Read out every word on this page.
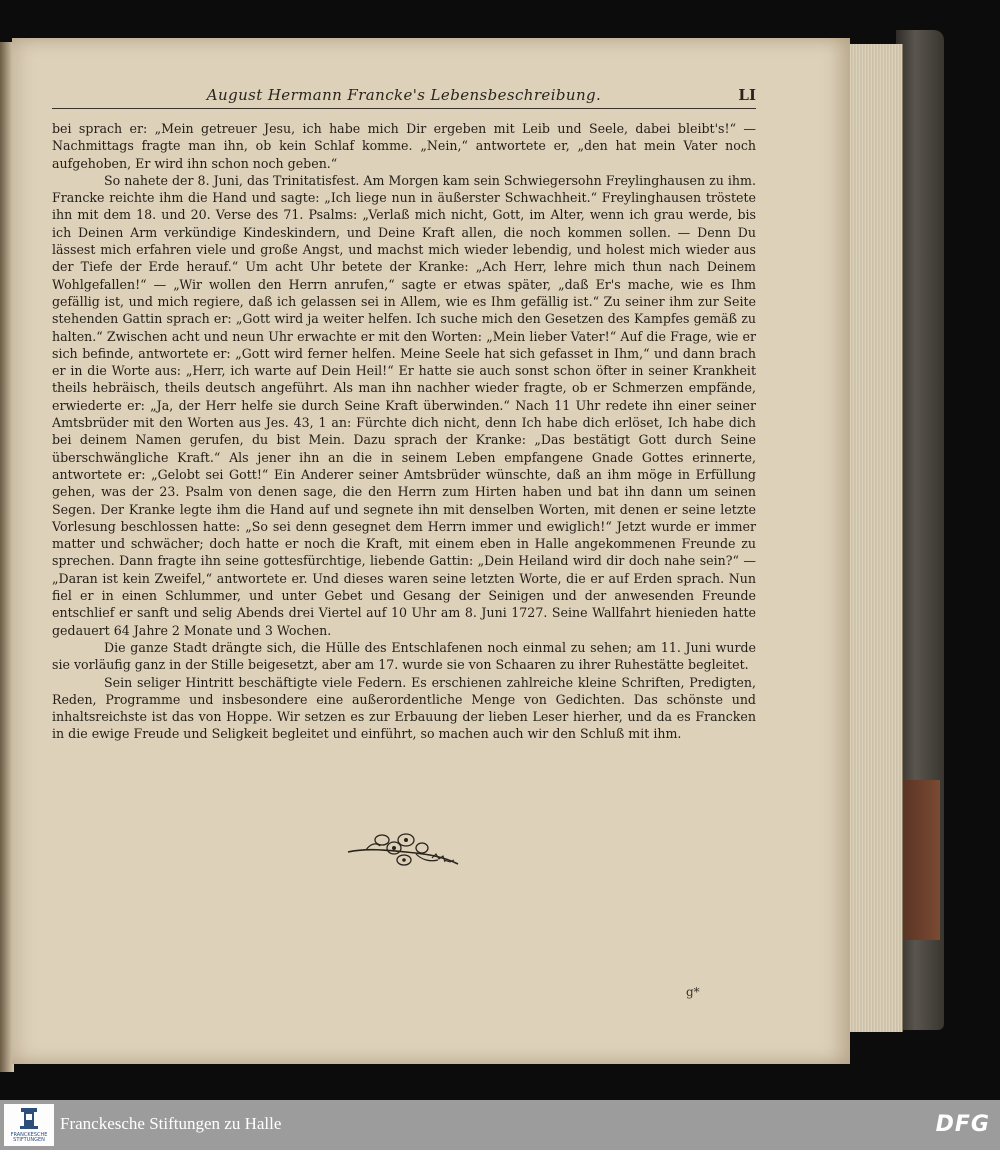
August Hermann Francke's Lebensbeschreibung.	LI

bei sprach er: „Mein getreuer Jesu, ich habe mich Dir ergeben mit Leib und Seele, dabei bleibt's!“ — Nachmittags fragte man ihn, ob kein Schlaf komme. „Nein,“ antwortete er, „den hat mein Vater noch aufgehoben, Er wird ihn schon noch geben.“

So nahete der 8. Juni, das Trinitatisfest. Am Morgen kam sein Schwiegersohn Freylinghausen zu ihm. Francke reichte ihm die Hand und sagte: „Ich liege nun in äußerster Schwachheit.“ Freylinghausen tröstete ihn mit dem 18. und 20. Verse des 71. Psalms: „Verlaß mich nicht, Gott, im Alter, wenn ich grau werde, bis ich Deinen Arm verkündige Kindeskindern, und Deine Kraft allen, die noch kommen sollen. — Denn Du lässest mich erfahren viele und große Angst, und machst mich wieder lebendig, und holest mich wieder aus der Tiefe der Erde herauf.“ Um acht Uhr betete der Kranke: „Ach Herr, lehre mich thun nach Deinem Wohlgefallen!“ — „Wir wollen den Herrn anrufen,“ sagte er etwas später, „daß Er's mache, wie es Ihm gefällig ist, und mich regiere, daß ich gelassen sei in Allem, wie es Ihm gefällig ist.“ Zu seiner ihm zur Seite stehenden Gattin sprach er: „Gott wird ja weiter helfen. Ich suche mich den Gesetzen des Kampfes gemäß zu halten.“ Zwischen acht und neun Uhr erwachte er mit den Worten: „Mein lieber Vater!“ Auf die Frage, wie er sich befinde, antwortete er: „Gott wird ferner helfen. Meine Seele hat sich gefasset in Ihm,“ und dann brach er in die Worte aus: „Herr, ich warte auf Dein Heil!“ Er hatte sie auch sonst schon öfter in seiner Krankheit theils hebräisch, theils deutsch angeführt. Als man ihn nachher wieder fragte, ob er Schmerzen empfände, erwiederte er: „Ja, der Herr helfe sie durch Seine Kraft überwinden.“ Nach 11 Uhr redete ihn einer seiner Amtsbrüder mit den Worten aus Jes. 43, 1 an: Fürchte dich nicht, denn Ich habe dich erlöset, Ich habe dich bei deinem Namen gerufen, du bist Mein. Dazu sprach der Kranke: „Das bestätigt Gott durch Seine überschwängliche Kraft.“ Als jener ihn an die in seinem Leben empfangene Gnade Gottes erinnerte, antwortete er: „Gelobt sei Gott!“ Ein Anderer seiner Amtsbrüder wünschte, daß an ihm möge in Erfüllung gehen, was der 23. Psalm von denen sage, die den Herrn zum Hirten haben und bat ihn dann um seinen Segen. Der Kranke legte ihm die Hand auf und segnete ihn mit denselben Worten, mit denen er seine letzte Vorlesung beschlossen hatte: „So sei denn gesegnet dem Herrn immer und ewiglich!“ Jetzt wurde er immer matter und schwächer; doch hatte er noch die Kraft, mit einem eben in Halle angekommenen Freunde zu sprechen. Dann fragte ihn seine gottesfürchtige, liebende Gattin: „Dein Heiland wird dir doch nahe sein?“ — „Daran ist kein Zweifel,“ antwortete er. Und dieses waren seine letzten Worte, die er auf Erden sprach. Nun fiel er in einen Schlummer, und unter Gebet und Gesang der Seinigen und der anwesenden Freunde entschlief er sanft und selig Abends drei Viertel auf 10 Uhr am 8. Juni 1727. Seine Wallfahrt hienieden hatte gedauert 64 Jahre 2 Monate und 3 Wochen.

Die ganze Stadt drängte sich, die Hülle des Entschlafenen noch einmal zu sehen; am 11. Juni wurde sie vorläufig ganz in der Stille beigesetzt, aber am 17. wurde sie von Schaaren zu ihrer Ruhestätte begleitet.

Sein seliger Hintritt beschäftigte viele Federn. Es erschienen zahlreiche kleine Schriften, Predigten, Reden, Programme und insbesondere eine außerordentliche Menge von Gedichten. Das schönste und inhaltsreichste ist das von Hoppe. Wir setzen es zur Erbauung der lieben Leser hierher, und da es Francken in die ewige Freude und Seligkeit begleitet und einführt, so machen auch wir den Schluß mit ihm.

g*
FRANCKESCHE
STIFTUNGEN
Franckesche Stiftungen zu Halle	DFG
